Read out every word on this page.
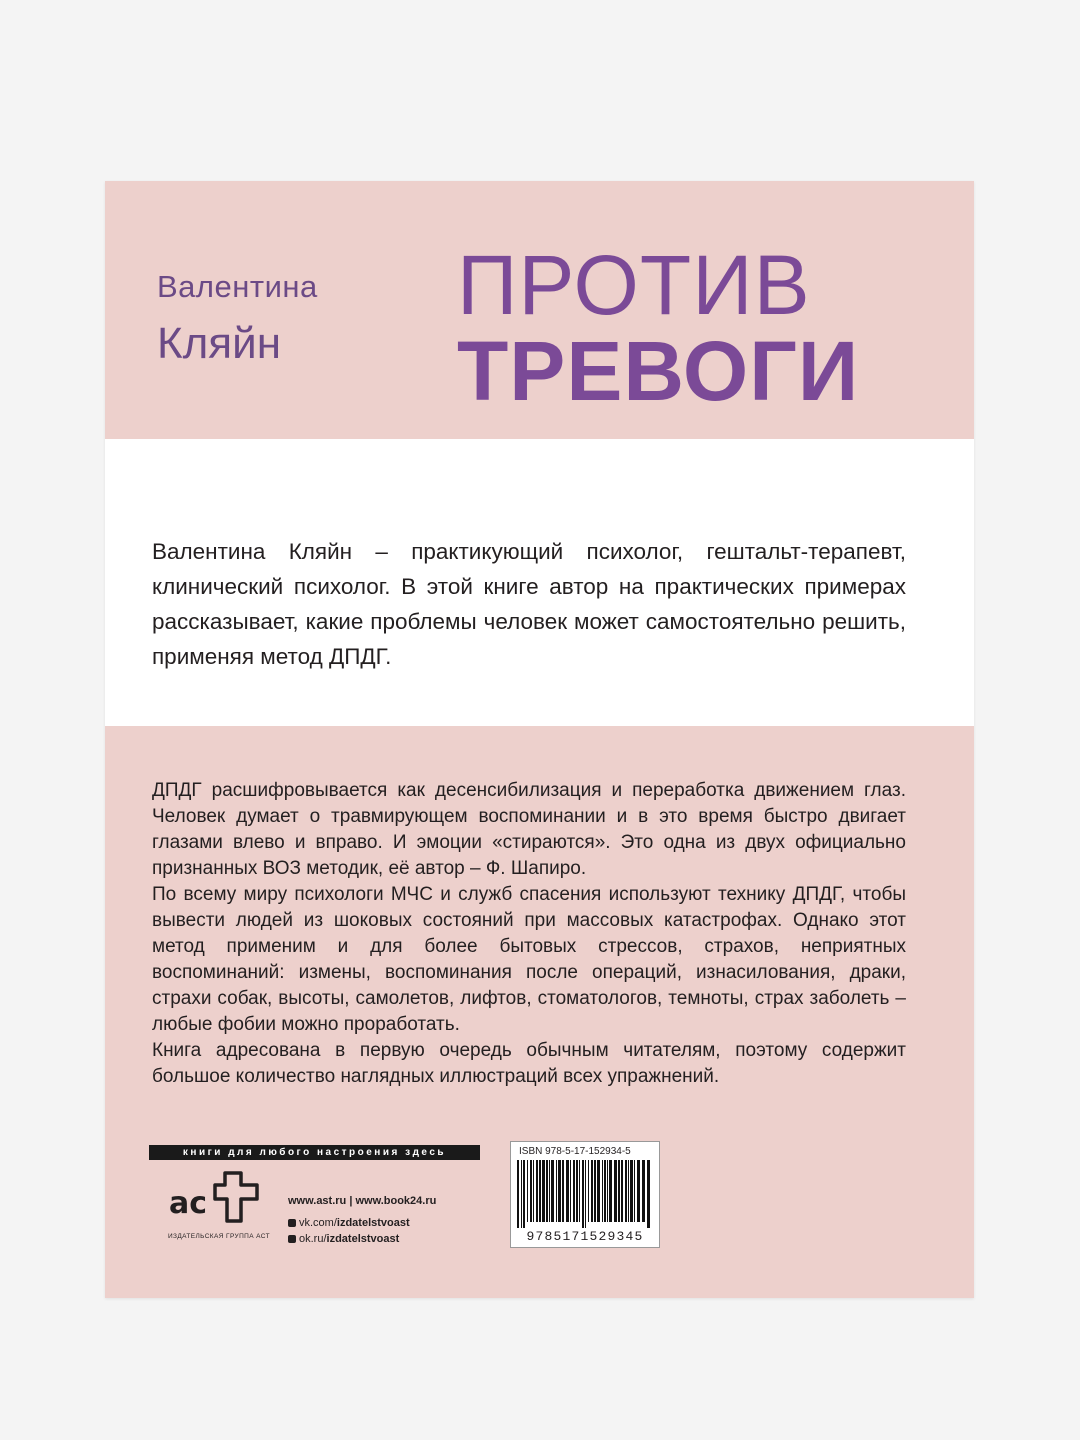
Валентина
Кляйн
ПРОТИВ
ТРЕВОГИ

Валентина Кляйн – практикующий психолог, гештальт-терапевт, клинический психолог. В этой книге автор на практических примерах рассказывает, какие проблемы человек может самостоятельно решить, применяя метод ДПДГ.

ДПДГ расшифровывается как десенсибилизация и переработка движением глаз. Человек думает о травмирующем воспоминании и в это время быстро двигает глазами влево и вправо. И эмоции «стираются». Это одна из двух официально признанных ВОЗ методик, её автор – Ф. Шапиро.

По всему миру психологи МЧС и служб спасения используют технику ДПДГ, чтобы вывести людей из шоковых состояний при массовых катастрофах. Однако этот метод применим и для более бытовых стрессов, страхов, неприятных воспоминаний: измены, воспоминания после операций, изнасилования, драки, страхи собак, высоты, самолетов, лифтов, стоматологов, темноты, страх заболеть – любые фобии можно проработать.

Книга адресована в первую очередь обычным читателям, поэтому содержит большое количество наглядных иллюстраций всех упражнений.

книги для любого настроения здесь
ас
ИЗДАТЕЛЬСКАЯ ГРУППА АСТ
www.ast.ru | www.book24.ru
vk.com/ izdatelstvoast
ok.ru/ izdatelstvoast
ISBN 978-5-17-152934-5
9785171529345
